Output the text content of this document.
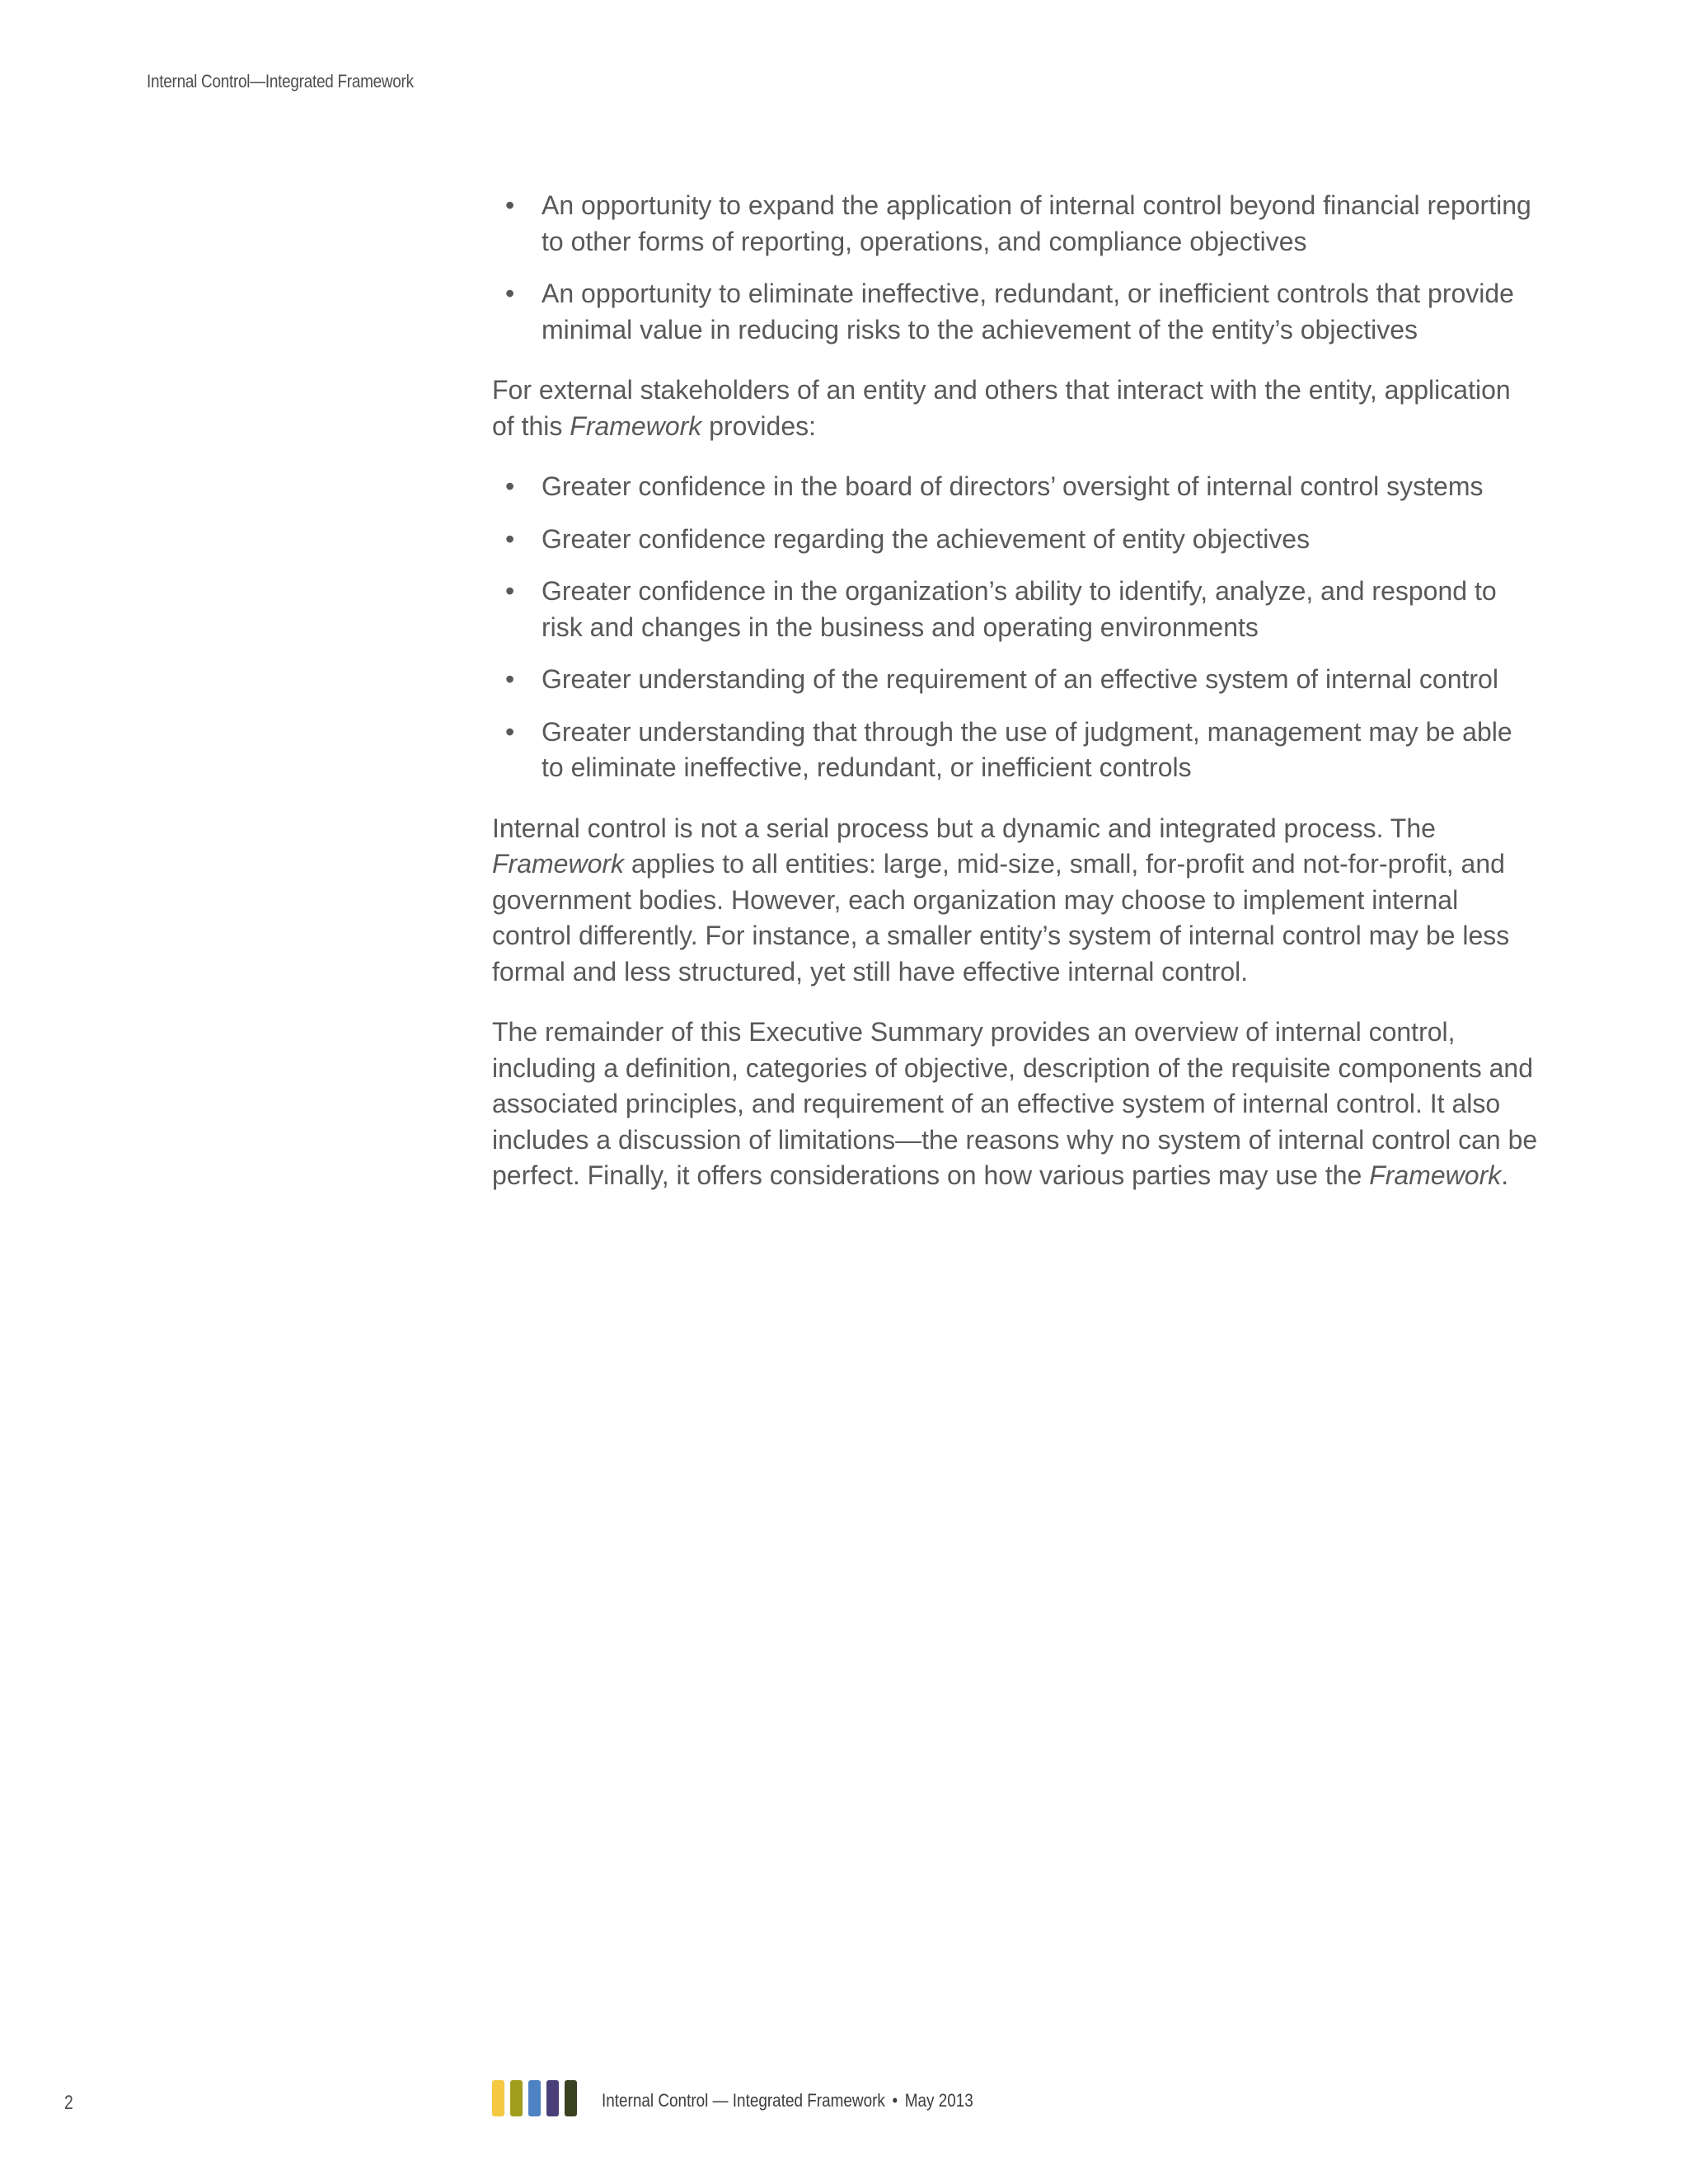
Internal Control—Integrated Framework
• An opportunity to expand the application of internal control beyond financial reporting to other forms of reporting, operations, and compliance objectives
• An opportunity to eliminate ineffective, redundant, or inefficient controls that provide minimal value in reducing risks to the achievement of the entity’s objectives

For external stakeholders of an entity and others that interact with the entity, application of this Framework provides:

• Greater confidence in the board of directors’ oversight of internal control systems
• Greater confidence regarding the achievement of entity objectives
• Greater confidence in the organization’s ability to identify, analyze, and respond to risk and changes in the business and operating environments
• Greater understanding of the requirement of an effective system of internal control
• Greater understanding that through the use of judgment, management may be able to eliminate ineffective, redundant, or inefficient controls

Internal control is not a serial process but a dynamic and integrated process. The Framework applies to all entities: large, mid-size, small, for-profit and not-for-profit, and government bodies. However, each organization may choose to implement internal control differently. For instance, a smaller entity’s system of internal control may be less formal and less structured, yet still have effective internal control.

The remainder of this Executive Summary provides an overview of internal control, including a definition, categories of objective, description of the requisite components and associated principles, and requirement of an effective system of internal control. It also includes a discussion of limitations—the reasons why no system of internal control can be perfect. Finally, it offers considerations on how various parties may use the Framework.

2	Internal Control — Integrated Framework • May 2013
